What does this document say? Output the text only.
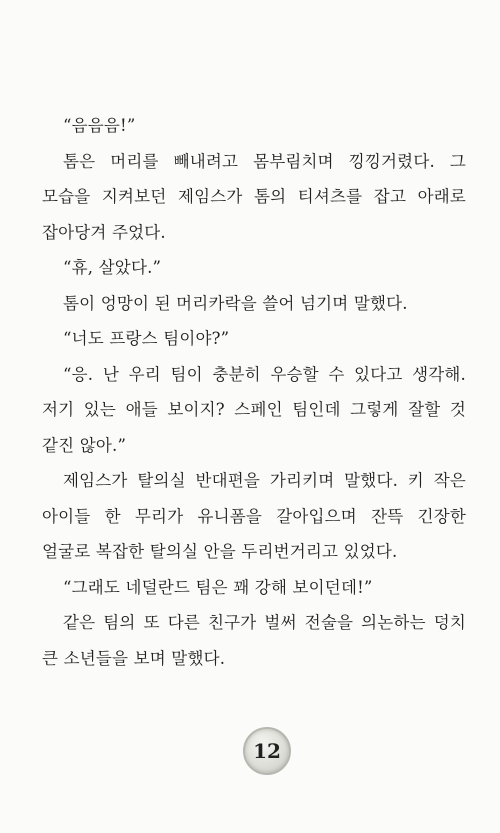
“음음음!”

톰은 머리를 빼내려고 몸부림치며 낑낑거렸다. 그 모습을 지켜보던 제임스가 톰의 티셔츠를 잡고 아래로 잡아당겨 주었다.

“휴, 살았다.”

톰이 엉망이 된 머리카락을 쓸어 넘기며 말했다.

“너도 프랑스 팀이야?”

“응. 난 우리 팀이 충분히 우승할 수 있다고 생각해. 저기 있는 애들 보이지? 스페인 팀인데 그렇게 잘할 것 같진 않아.”

제임스가 탈의실 반대편을 가리키며 말했다. 키 작은 아이들 한 무리가 유니폼을 갈아입으며 잔뜩 긴장한 얼굴로 복잡한 탈의실 안을 두리번거리고 있었다.

“그래도 네덜란드 팀은 꽤 강해 보이던데!”

같은 팀의 또 다른 친구가 벌써 전술을 의논하는 덩치 큰 소년들을 보며 말했다.

12
